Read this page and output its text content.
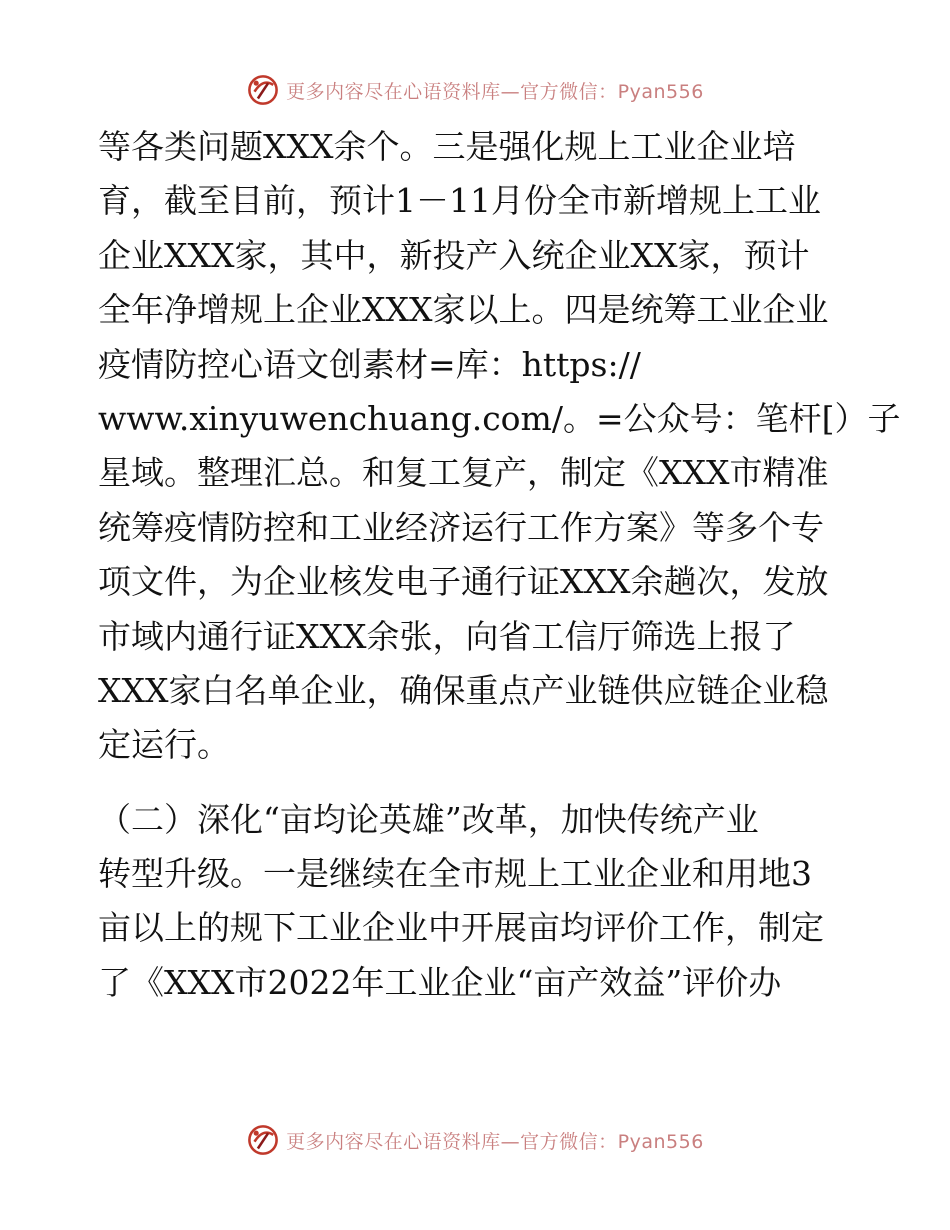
更多内容尽在心语资料库—官方微信：Pyan556
等各类问题XXX余个。三是强化规上工业企业培
育，截至目前，预计1－11月份全市新增规上工业
企业XXX家，其中，新投产入统企业XX家，预计
全年净增规上企业XXX家以上。四是统筹工业企业
疫情防控心语文创素材=库：https://
www.xinyuwenchuang.com/。=公众号：笔杆[）子
星域。整理汇总。和复工复产，制定《XXX市精准
统筹疫情防控和工业经济运行工作方案》等多个专
项文件，为企业核发电子通行证XXX余趟次，发放
市域内通行证XXX余张，向省工信厅筛选上报了
XXX家白名单企业，确保重点产业链供应链企业稳
定运行。
（二）深化“亩均论英雄”改革，加快传统产业
转型升级。一是继续在全市规上工业企业和用地3
亩以上的规下工业企业中开展亩均评价工作，制定
了《XXX市2022年工业企业“亩产效益”评价办
更多内容尽在心语资料库—官方微信：Pyan556
